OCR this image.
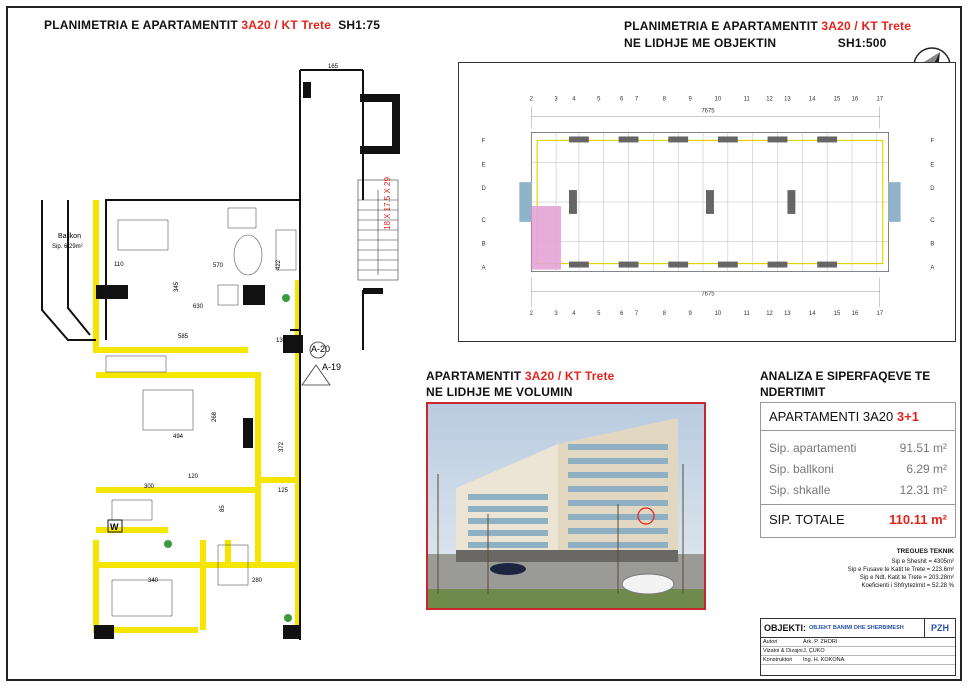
PLANIMETRIA E APARTAMENTIT 3A20 / KT Trete SH1:75	PLANIMETRIA E APARTAMENTIT 3A20 / KT Trete
NE LIDHJE ME OBJEKTIN	SH1:500
18 X 17.5 X 29
A-20
A-19
Ballkon
Sip. 6.29m²
165
570
630
585
345
494
300
340	280
268
422
110
130
372
125
85
120
W
2	3 4	5	6 7	8	9	10	11	12 13	14	15 16	17
2	3 4	5	6 7	8	9	10	11	12 13	14	15 16	17
A
B
C
D
E
F
A
B
C
D
E
F
7675
7675
APARTAMENTIT 3A20 / KT Trete
NE LIDHJE ME VOLUMIN
ANALIZA E SIPERFAQEVE TE
NDERTIMIT
APARTAMENTI 3A20 3+1
Sip. apartamenti	91.51 m²
Sip. ballkoni	6.29 m²
Sip. shkalle	12.31 m²
SIP. TOTALE	110.11 m²
TREGUES TEKNIK
Sip e Sheshit = 4305m²
Sip e Fusave te Katit te Trete = 223.6m²
Sip e Ndt. Katit te Trete = 203.28m²
Koeficienti i Shfrytezimit = 52.28 %
OBJEKTI: OBJEKT BANIMI DHE SHERBIMESH	PZH
Autori	Ark. P. ZHORI
Vizatoi & Dizajni J. ÇUKO
Konstruktori	Ing. H. KOKONA
